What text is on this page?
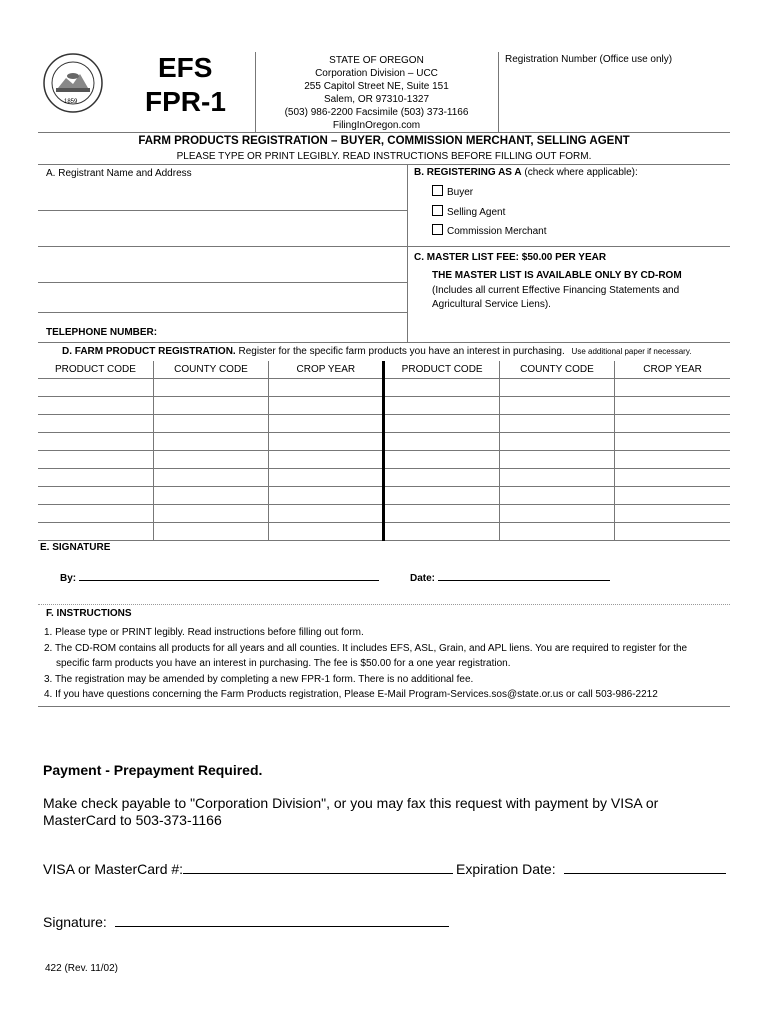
1859
EFS
FPR-1
STATE OF OREGON
Corporation Division – UCC
255 Capitol Street NE, Suite 151
Salem, OR 97310-1327
(503) 986-2200 Facsimile (503) 373-1166
FilingInOregon.com
Registration Number (Office use only)
FARM PRODUCTS REGISTRATION – BUYER, COMMISSION MERCHANT, SELLING AGENT
PLEASE TYPE OR PRINT LEGIBLY. READ INSTRUCTIONS BEFORE FILLING OUT FORM.
A. Registrant Name and Address
TELEPHONE NUMBER:
B. REGISTERING AS A (check where applicable):
Buyer
Selling Agent
Commission Merchant
C. MASTER LIST FEE: $50.00 PER YEAR
THE MASTER LIST IS AVAILABLE ONLY BY CD-ROM
(Includes all current Effective Financing Statements and
Agricultural Service Liens).
D. FARM PRODUCT REGISTRATION. Register for the specific farm products you have an interest in purchasing. Use additional paper if necessary.
PRODUCT CODE	COUNTY CODE	CROP YEAR	PRODUCT CODE	COUNTY CODE	CROP YEAR

E. SIGNATURE
By:	Date:
F. INSTRUCTIONS
1. Please type or PRINT legibly. Read instructions before filling out form.
2. The CD-ROM contains all products for all years and all counties. It includes EFS, ASL, Grain, and APL liens. You are required to register for the
specific farm products you have an interest in purchasing. The fee is $50.00 for a one year registration.
3. The registration may be amended by completing a new FPR-1 form. There is no additional fee.
4. If you have questions concerning the Farm Products registration, Please E-Mail Program-Services.sos@state.or.us or call 503-986-2212
Payment - Prepayment Required.
Make check payable to "Corporation Division", or you may fax this request with payment by VISA or
MasterCard to 503-373-1166
VISA or MasterCard #:	Expiration Date:
Signature:
422 (Rev. 11/02)
